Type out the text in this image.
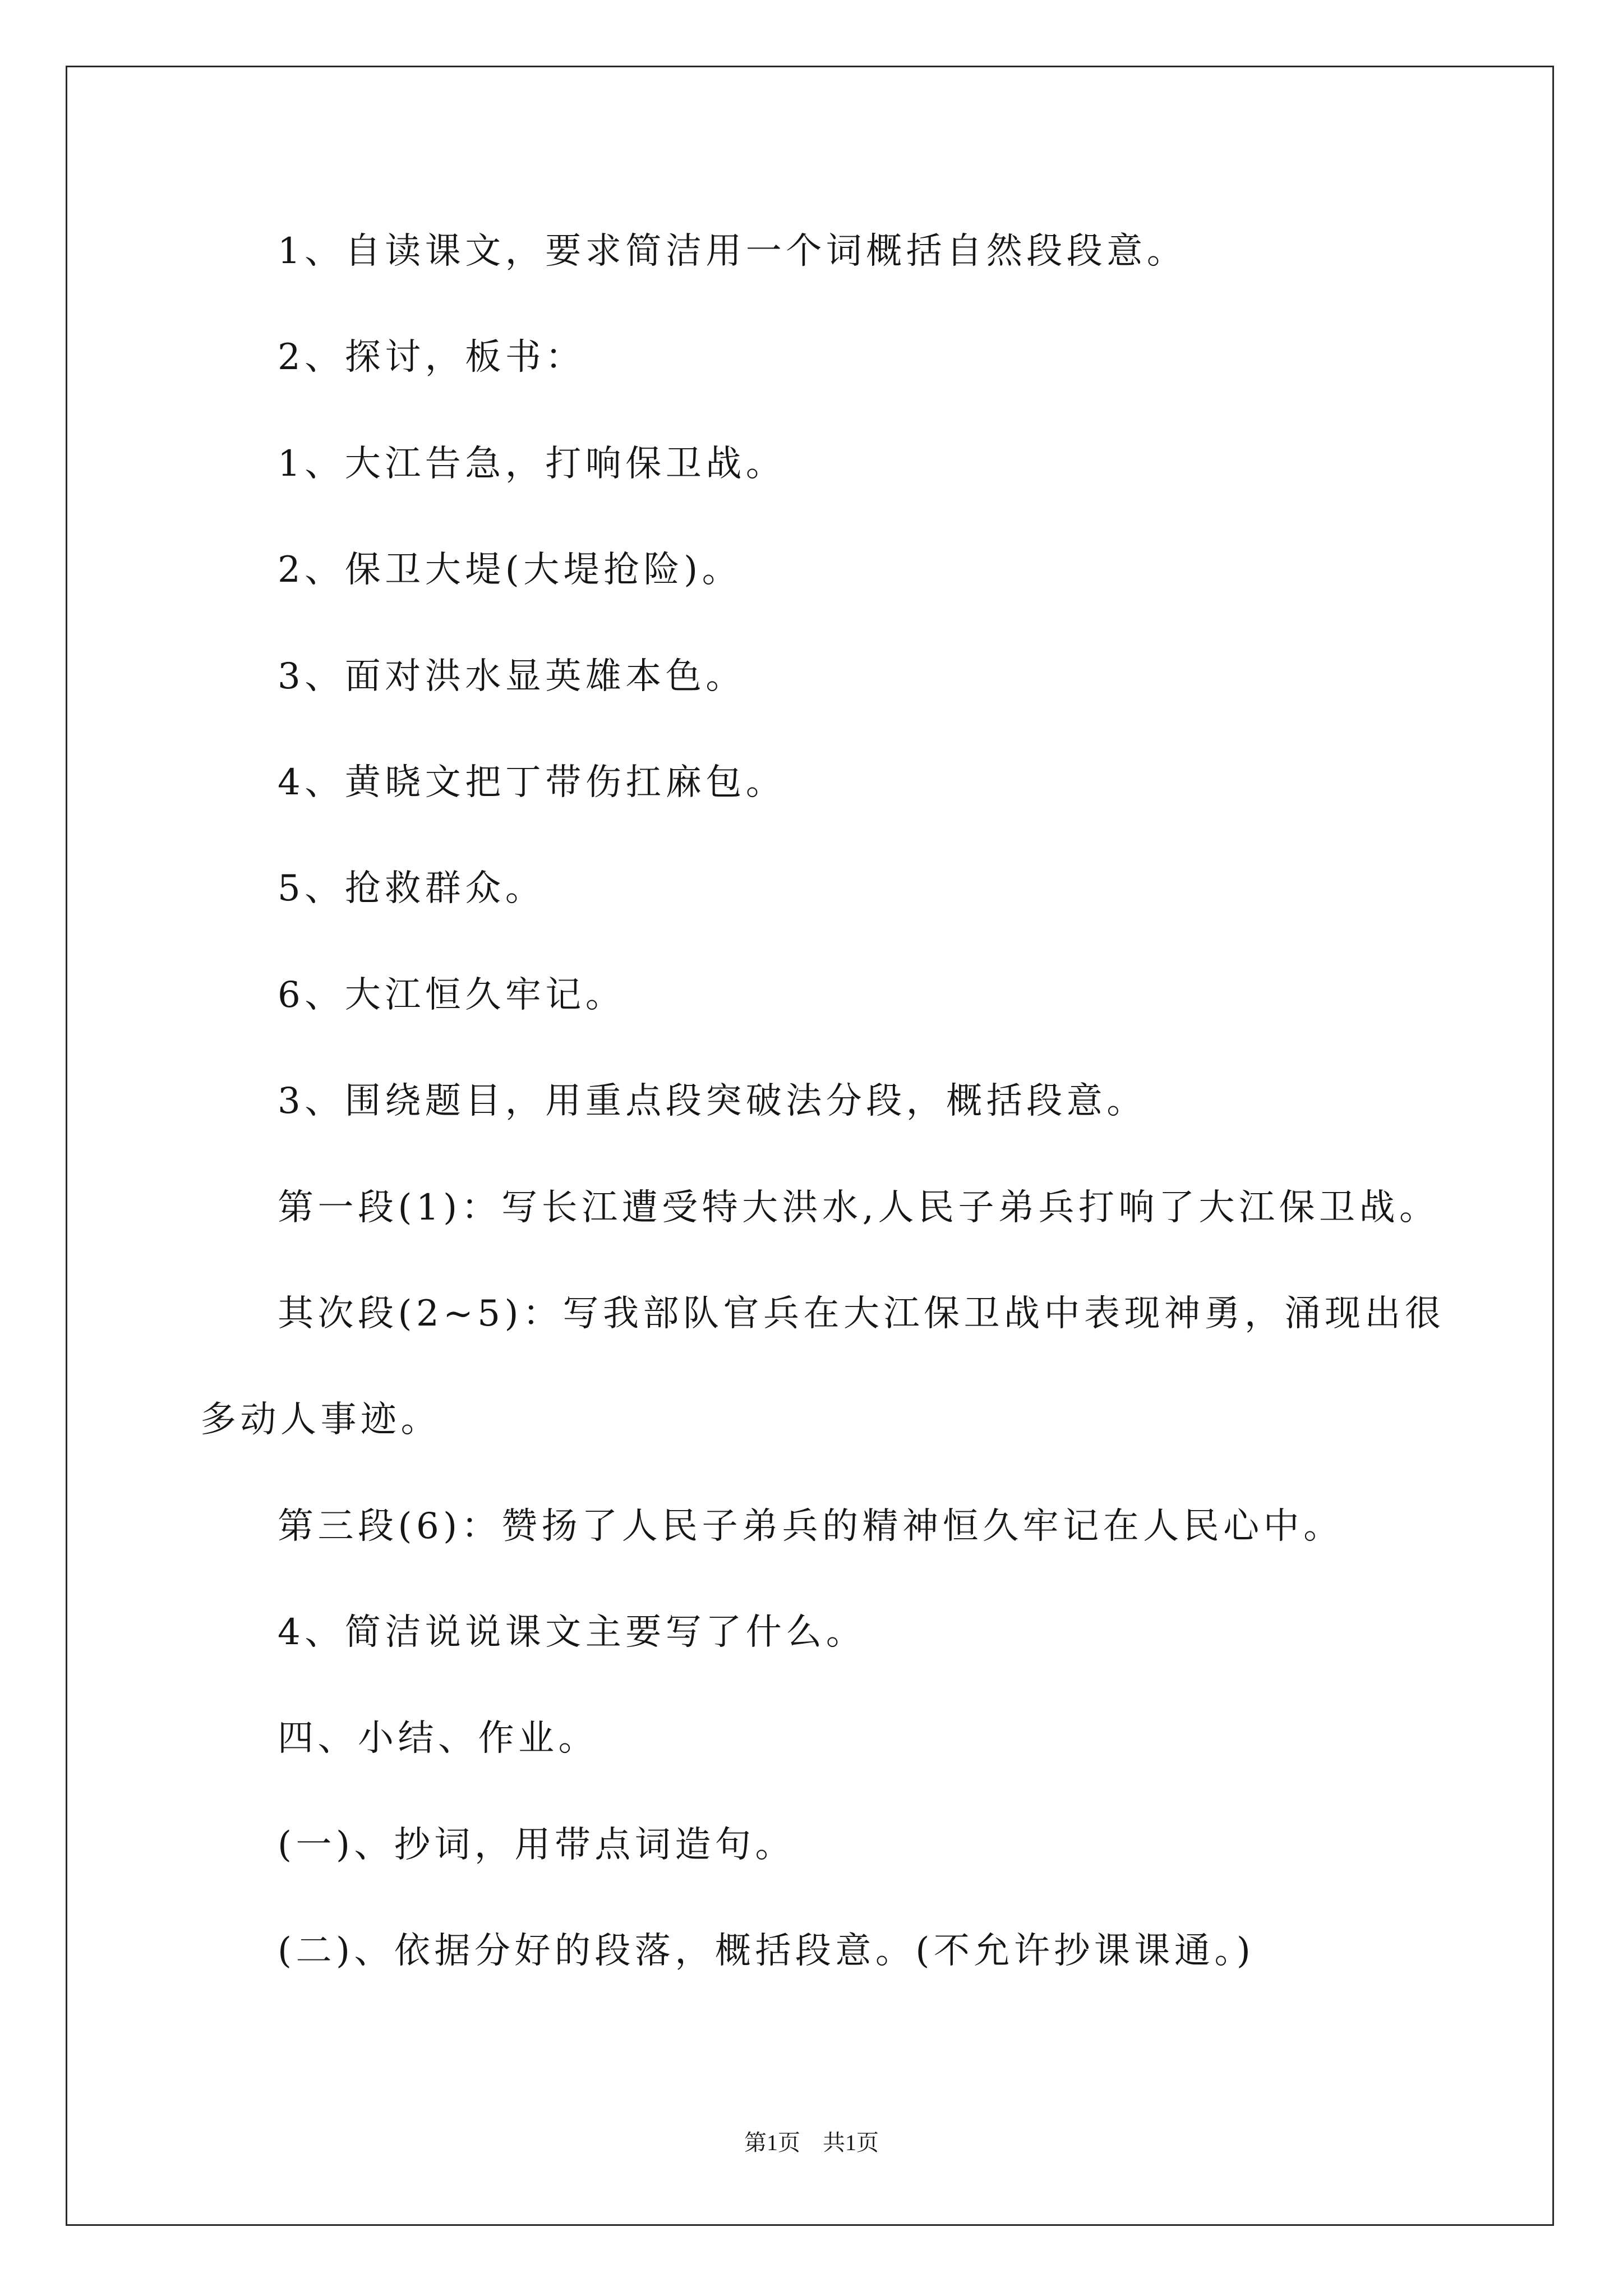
1、自读课文，要求简洁用一个词概括自然段段意。
2、探讨，板书：
1、大江告急，打响保卫战。
2、保卫大堤(大堤抢险)。
3、面对洪水显英雄本色。
4、黄晓文把丁带伤扛麻包。
5、抢救群众。
6、大江恒久牢记。
3、围绕题目，用重点段突破法分段，概括段意。
第一段(1)：写长江遭受特大洪水,人民子弟兵打响了大江保卫战。
其次段(2~5)：写我部队官兵在大江保卫战中表现神勇，涌现出很
多动人事迹。
第三段(6)：赞扬了人民子弟兵的精神恒久牢记在人民心中。
4、简洁说说课文主要写了什么。
四、小结、作业。
(一)、抄词，用带点词造句。
(二)、依据分好的段落，概括段意。(不允许抄课课通。)
第1页　共1页
